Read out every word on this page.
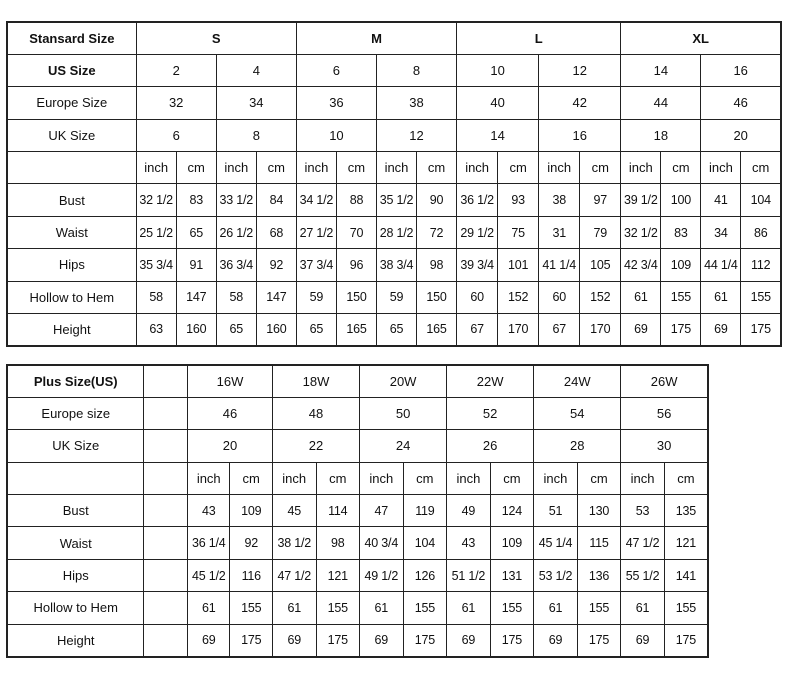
Stansard Size	S				M				L				XL			
US Size	2		4		6		8		10		12		14		16	
Europe Size	32		34		36		38		40		42		44		46	
UK Size	6		8		10		12		14		16		18		20	
	inch	cm	inch	cm	inch	cm	inch	cm	inch	cm	inch	cm	inch	cm	inch	cm
Bust	32 1/2	83	33 1/2	84	34 1/2	88	35 1/2	90	36 1/2	93	38	97	39 1/2	100	41	104
Waist	25 1/2	65	26 1/2	68	27 1/2	70	28 1/2	72	29 1/2	75	31	79	32 1/2	83	34	86
Hips	35 3/4	91	36 3/4	92	37 3/4	96	38 3/4	98	39 3/4	101	41 1/4	105	42 3/4	109	44 1/4	112
Hollow to Hem	58	147	58	147	59	150	59	150	60	152	60	152	61	155	61	155
Height	63	160	65	160	65	165	65	165	67	170	67	170	69	175	69	175
Plus Size(US)		16W		18W		20W		22W		24W		26W	
Europe size		46		48		50		52		54		56	
UK Size		20		22		24		26		28		30	
		inch	cm	inch	cm	inch	cm	inch	cm	inch	cm	inch	cm
Bust		43	109	45	114	47	119	49	124	51	130	53	135
Waist		36 1/4	92	38 1/2	98	40 3/4	104	43	109	45 1/4	115	47 1/2	121
Hips		45 1/2	116	47 1/2	121	49 1/2	126	51 1/2	131	53 1/2	136	55 1/2	141
Hollow to Hem		61	155	61	155	61	155	61	155	61	155	61	155
Height		69	175	69	175	69	175	69	175	69	175	69	175
